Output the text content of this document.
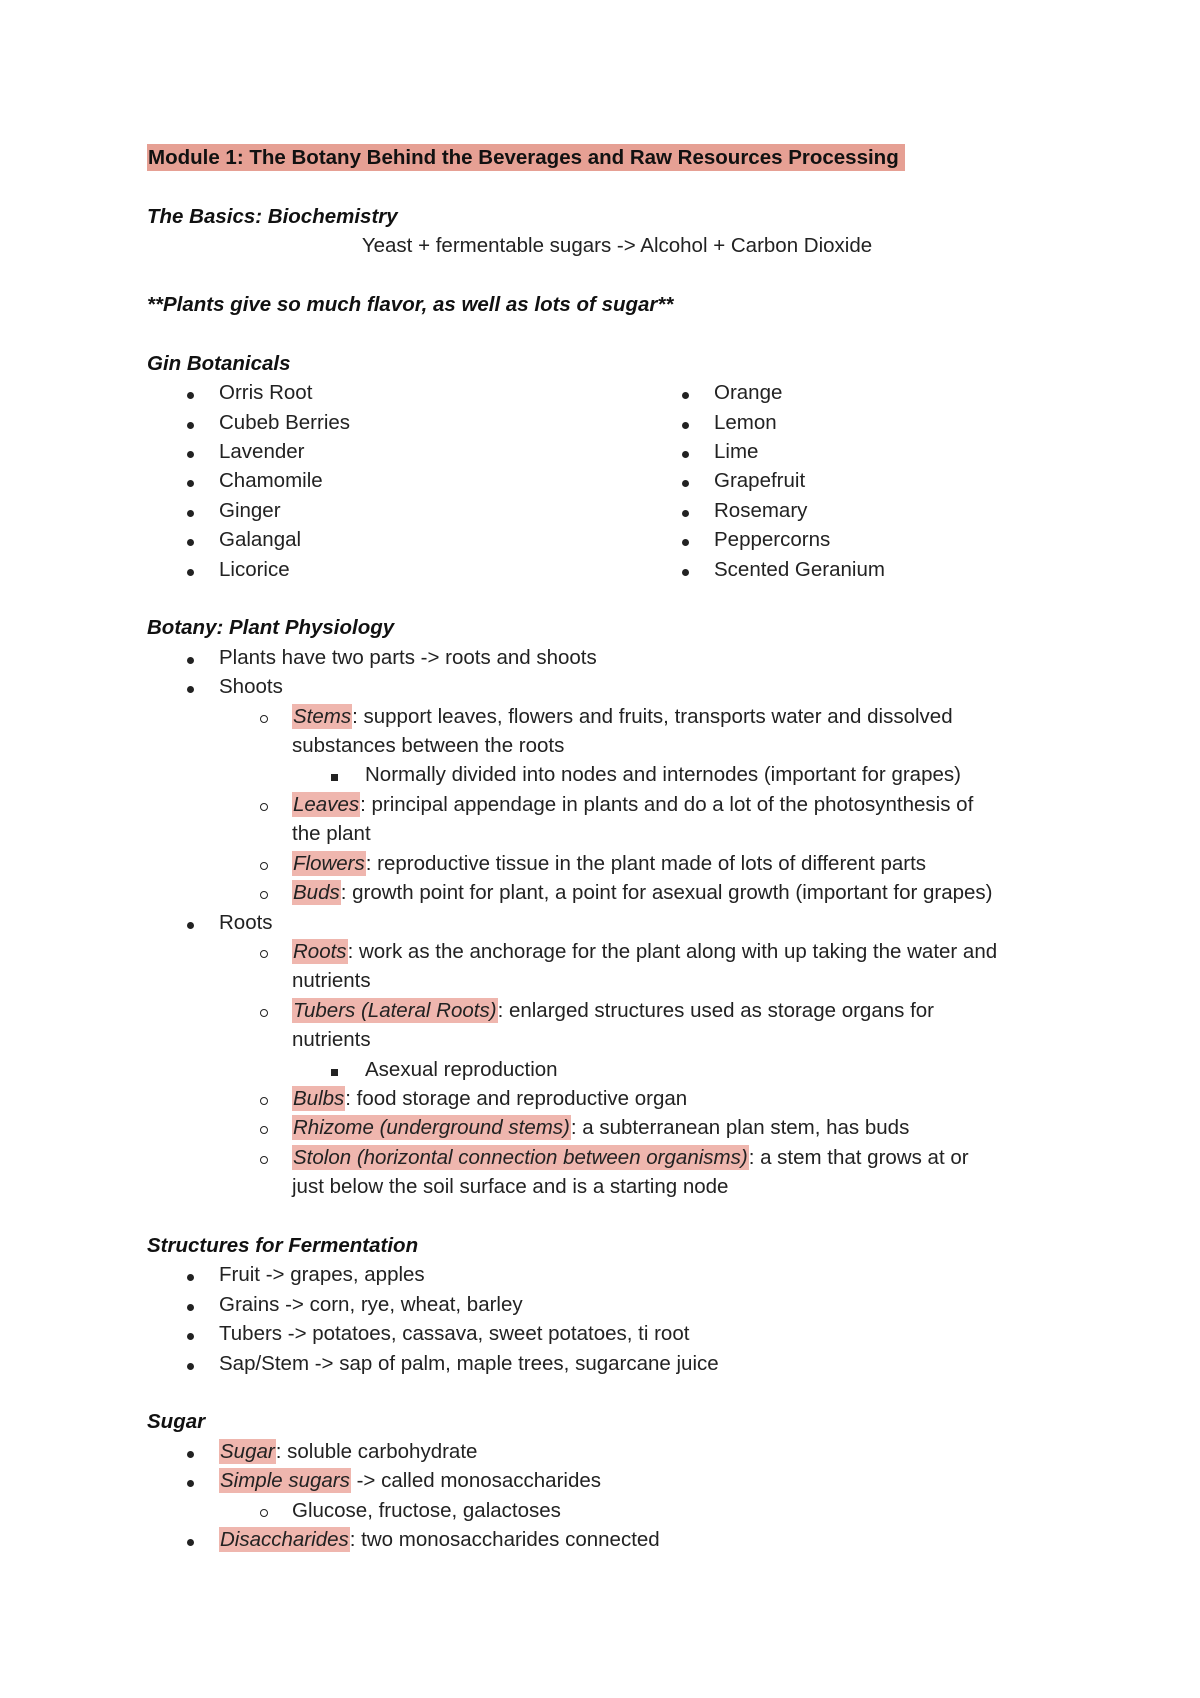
Module 1: The Botany Behind the Beverages and Raw Resources Processing
The Basics: Biochemistry
Yeast + fermentable sugars -> Alcohol + Carbon Dioxide
**Plants give so much flavor, as well as lots of sugar**
Gin Botanicals
Orris Root
Cubeb Berries
Lavender
Chamomile
Ginger
Galangal
Licorice
Orange
Lemon
Lime
Grapefruit
Rosemary
Peppercorns
Scented Geranium
Botany: Plant Physiology
Plants have two parts -> roots and shoots
Shoots
Stems: support leaves, flowers and fruits, transports water and dissolved
substances between the roots
Normally divided into nodes and internodes (important for grapes)
Leaves: principal appendage in plants and do a lot of the photosynthesis of
the plant
Flowers: reproductive tissue in the plant made of lots of different parts
Buds: growth point for plant, a point for asexual growth (important for grapes)
Roots
Roots: work as the anchorage for the plant along with up taking the water and
nutrients
Tubers (Lateral Roots): enlarged structures used as storage organs for
nutrients
Asexual reproduction
Bulbs: food storage and reproductive organ
Rhizome (underground stems): a subterranean plan stem, has buds
Stolon (horizontal connection between organisms): a stem that grows at or
just below the soil surface and is a starting node
Structures for Fermentation
Fruit -> grapes, apples
Grains -> corn, rye, wheat, barley
Tubers -> potatoes, cassava, sweet potatoes, ti root
Sap/Stem -> sap of palm, maple trees, sugarcane juice
Sugar
Sugar: soluble carbohydrate
Simple sugars -> called monosaccharides
Glucose, fructose, galactoses
Disaccharides: two monosaccharides connected
